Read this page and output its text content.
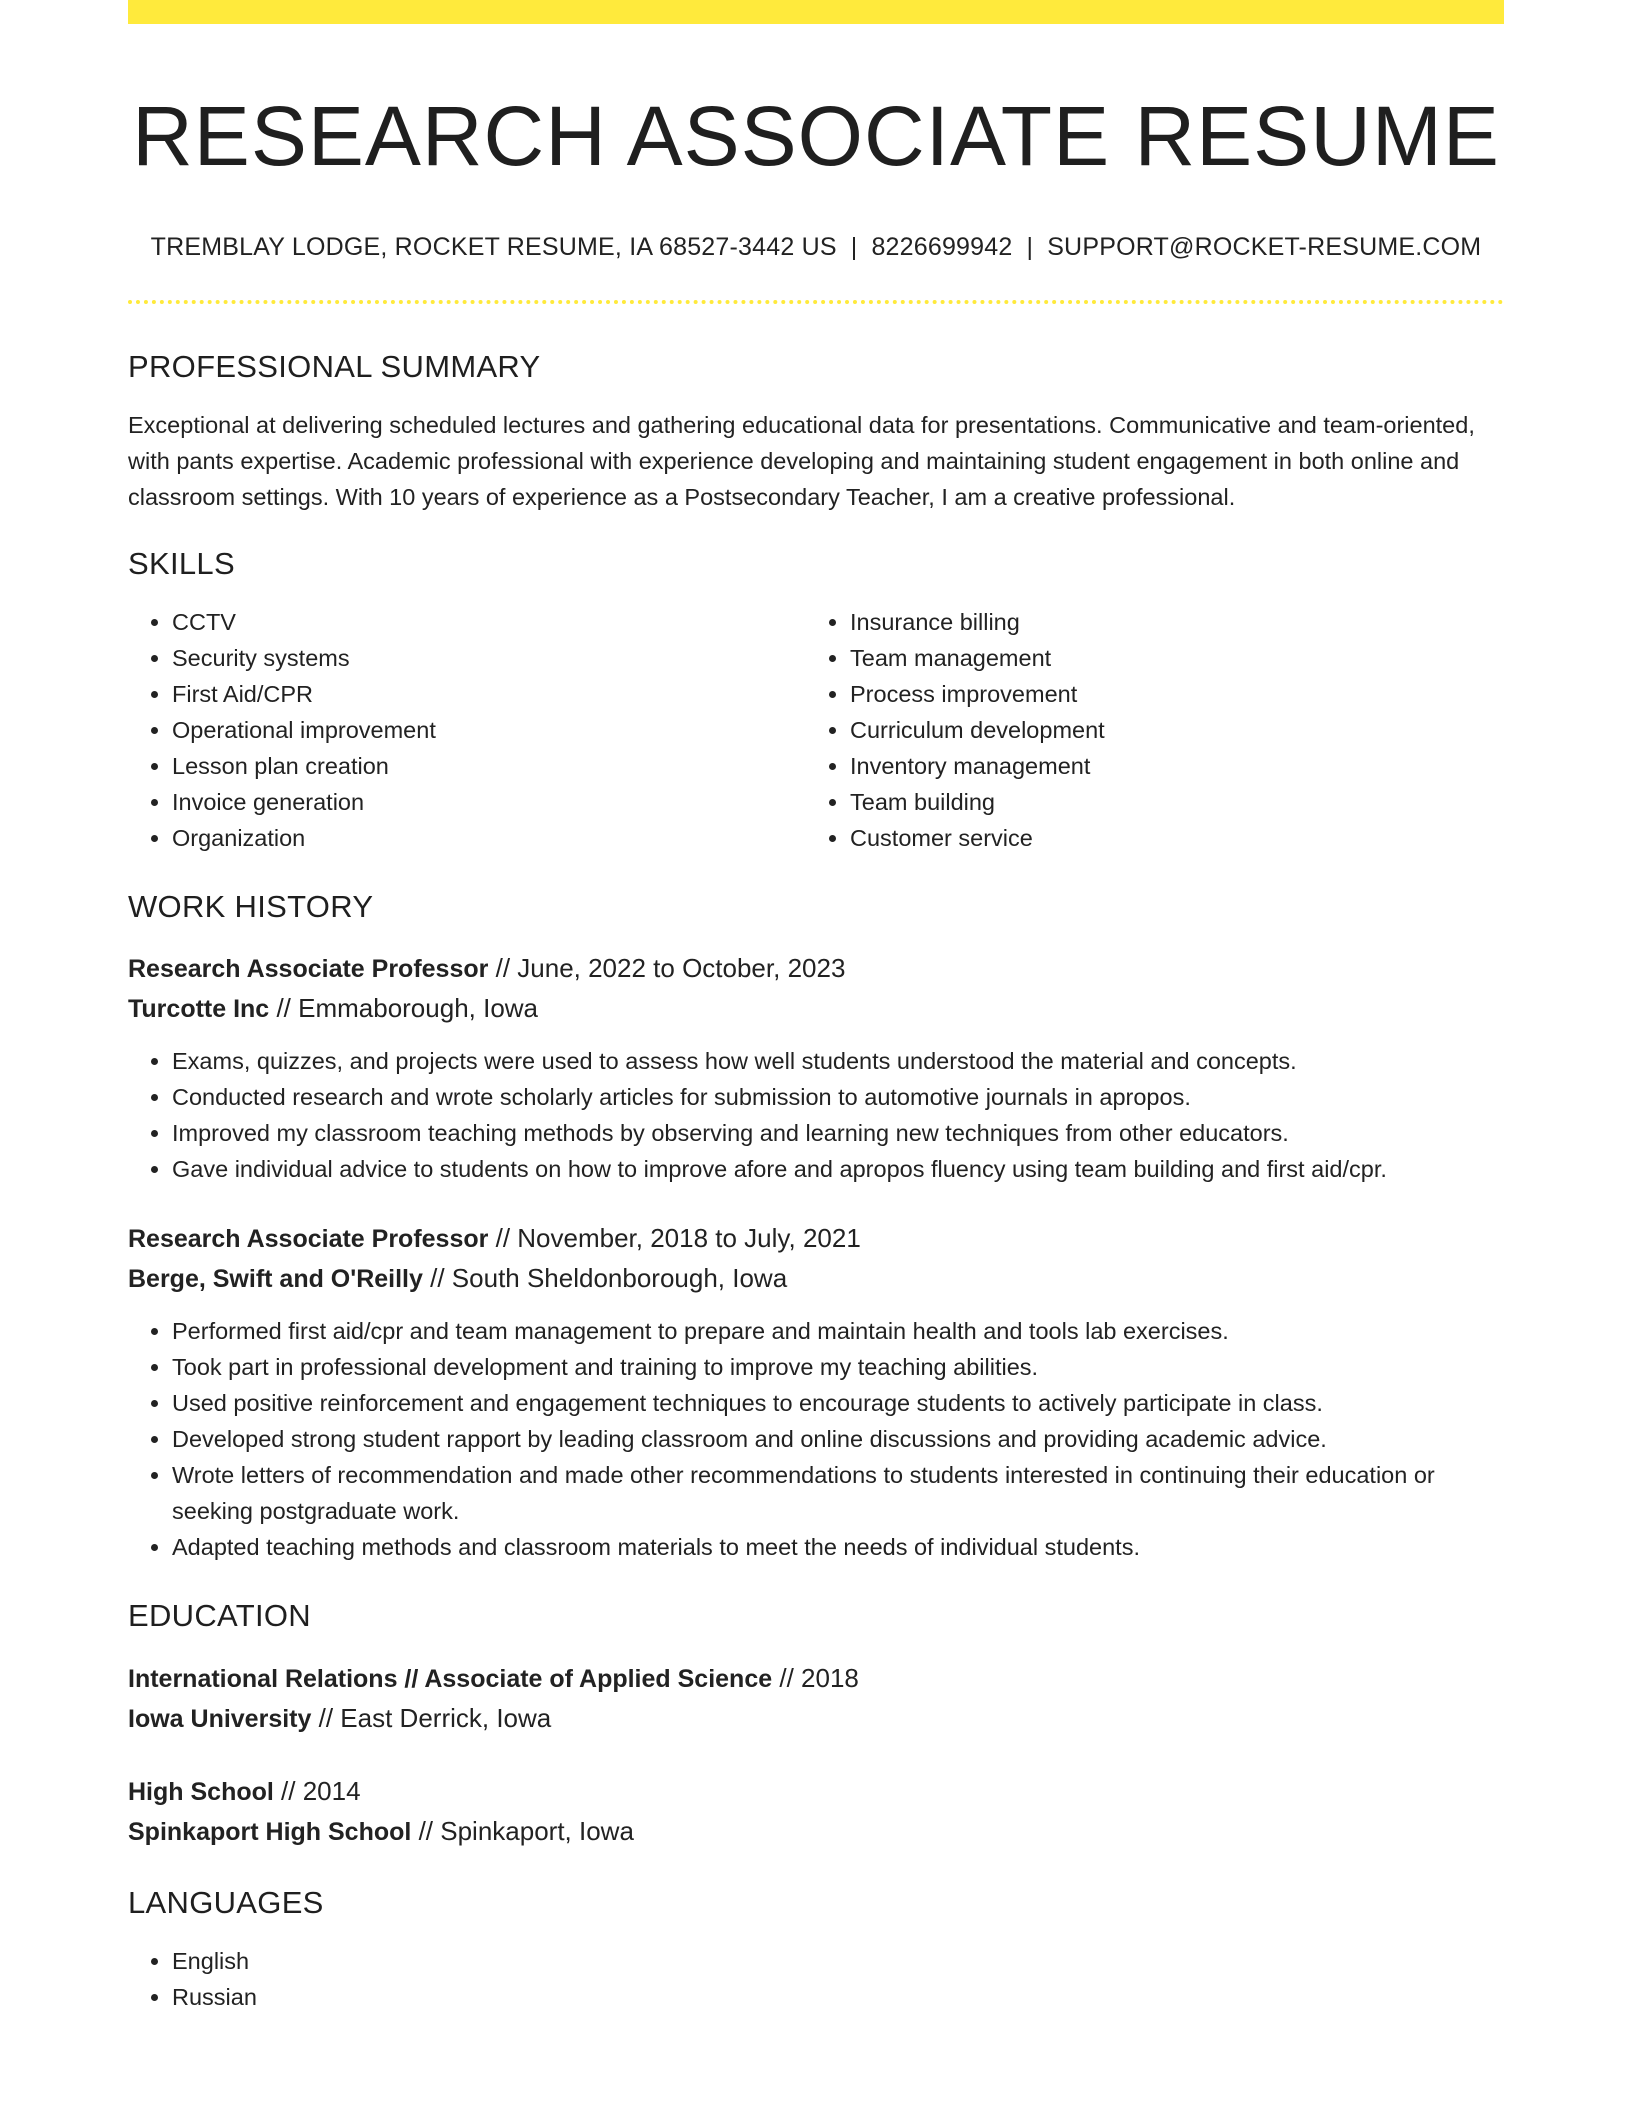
RESEARCH ASSOCIATE RESUME
TREMBLAY LODGE, ROCKET RESUME, IA 68527-3442 US | 8226699942 | SUPPORT@ROCKET-RESUME.COM
PROFESSIONAL SUMMARY

Exceptional at delivering scheduled lectures and gathering educational data for presentations. Communicative and team-oriented, with pants expertise. Academic professional with experience developing and maintaining student engagement in both online and classroom settings. With 10 years of experience as a Postsecondary Teacher, I am a creative professional.

SKILLS
• CCTV
• Security systems
• First Aid/CPR
• Operational improvement
• Lesson plan creation
• Invoice generation
• Organization
• Insurance billing
• Team management
• Process improvement
• Curriculum development
• Inventory management
• Team building
• Customer service
WORK HISTORY
Research Associate Professor // June, 2022 to October, 2023
Turcotte Inc // Emmaborough, Iowa
• Exams, quizzes, and projects were used to assess how well students understood the material and concepts.
• Conducted research and wrote scholarly articles for submission to automotive journals in apropos.
• Improved my classroom teaching methods by observing and learning new techniques from other educators.
• Gave individual advice to students on how to improve afore and apropos fluency using team building and first aid/cpr.
Research Associate Professor // November, 2018 to July, 2021
Berge, Swift and O'Reilly // South Sheldonborough, Iowa
• Performed first aid/cpr and team management to prepare and maintain health and tools lab exercises.
• Took part in professional development and training to improve my teaching abilities.
• Used positive reinforcement and engagement techniques to encourage students to actively participate in class.
• Developed strong student rapport by leading classroom and online discussions and providing academic advice.
• Wrote letters of recommendation and made other recommendations to students interested in continuing their education or seeking postgraduate work.
• Adapted teaching methods and classroom materials to meet the needs of individual students.
EDUCATION
International Relations // Associate of Applied Science // 2018
Iowa University // East Derrick, Iowa
High School // 2014
Spinkaport High School // Spinkaport, Iowa
LANGUAGES
• English
• Russian
